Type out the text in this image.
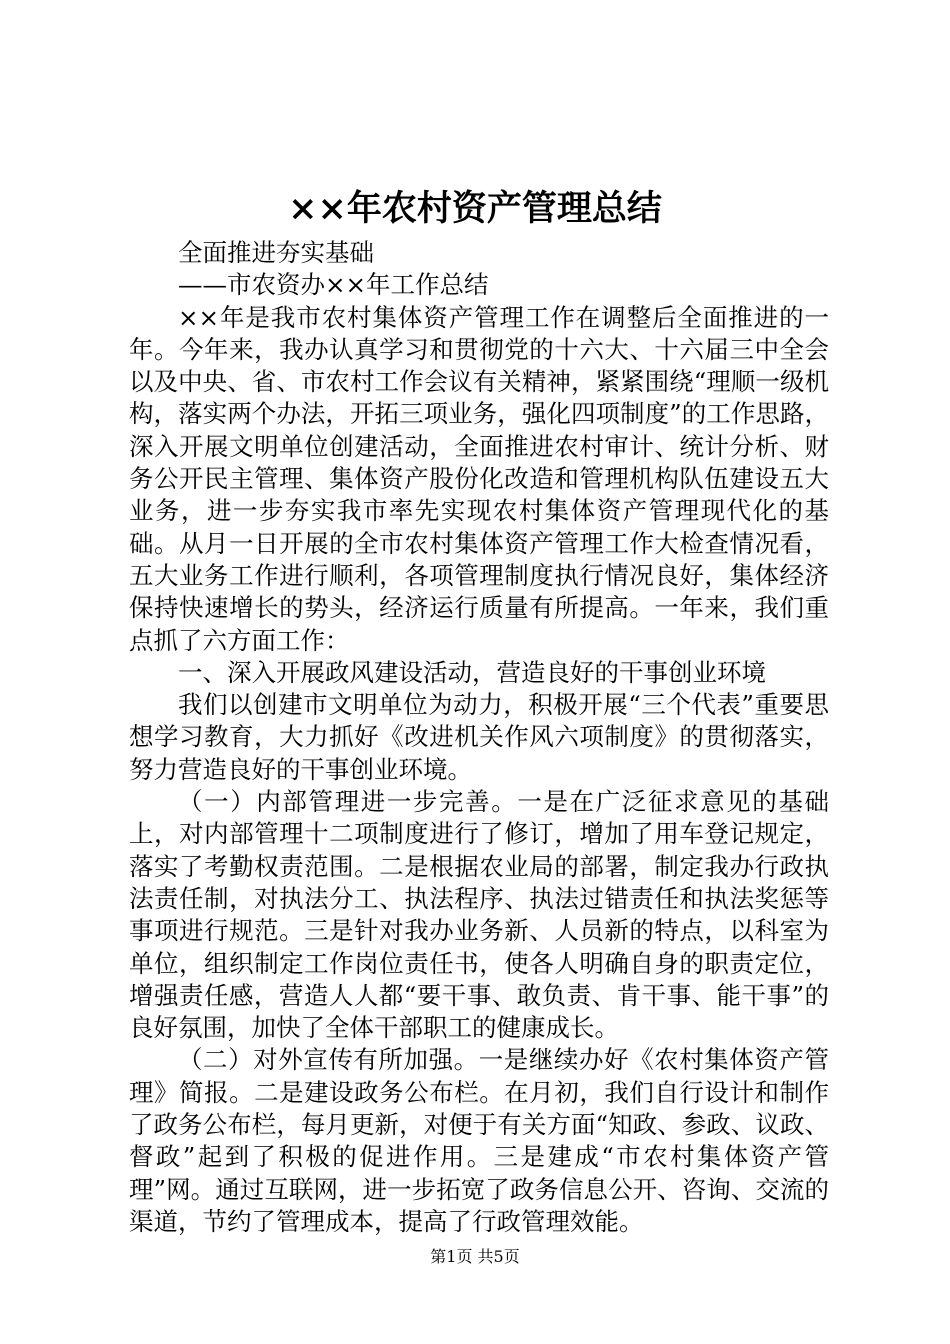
××年农村资产管理总结

全面推进夯实基础

——市农资办××年工作总结

××年是我市农村集体资产管理工作在调整后全面推进的一年。今年来，我办认真学习和贯彻党的十六大、十六届三中全会以及中央、省、市农村工作会议有关精神，紧紧围绕“理顺一级机构，落实两个办法，开拓三项业务，强化四项制度”的工作思路，深入开展文明单位创建活动，全面推进农村审计、统计分析、财务公开民主管理、集体资产股份化改造和管理机构队伍建设五大业务，进一步夯实我市率先实现农村集体资产管理现代化的基础。从月一日开展的全市农村集体资产管理工作大检查情况看，五大业务工作进行顺利，各项管理制度执行情况良好，集体经济保持快速增长的势头，经济运行质量有所提高。一年来，我们重点抓了六方面工作：

一、深入开展政风建设活动，营造良好的干事创业环境

我们以创建市文明单位为动力，积极开展“三个代表”重要思想学习教育，大力抓好《改进机关作风六项制度》的贯彻落实，努力营造良好的干事创业环境。

（一）内部管理进一步完善。一是在广泛征求意见的基础上，对内部管理十二项制度进行了修订，增加了用车登记规定，落实了考勤权责范围。二是根据农业局的部署，制定我办行政执法责任制，对执法分工、执法程序、执法过错责任和执法奖惩等事项进行规范。三是针对我办业务新、人员新的特点，以科室为单位，组织制定工作岗位责任书，使各人明确自身的职责定位，增强责任感，营造人人都“要干事、敢负责、肯干事、能干事”的良好氛围，加快了全体干部职工的健康成长。

（二）对外宣传有所加强。一是继续办好《农村集体资产管理》简报。二是建设政务公布栏。在月初，我们自行设计和制作了政务公布栏，每月更新，对便于有关方面“知政、参政、议政、督政”起到了积极的促进作用。三是建成“市农村集体资产管理”网。通过互联网，进一步拓宽了政务信息公开、咨询、交流的渠道，节约了管理成本，提高了行政管理效能。

第1页 共5页
